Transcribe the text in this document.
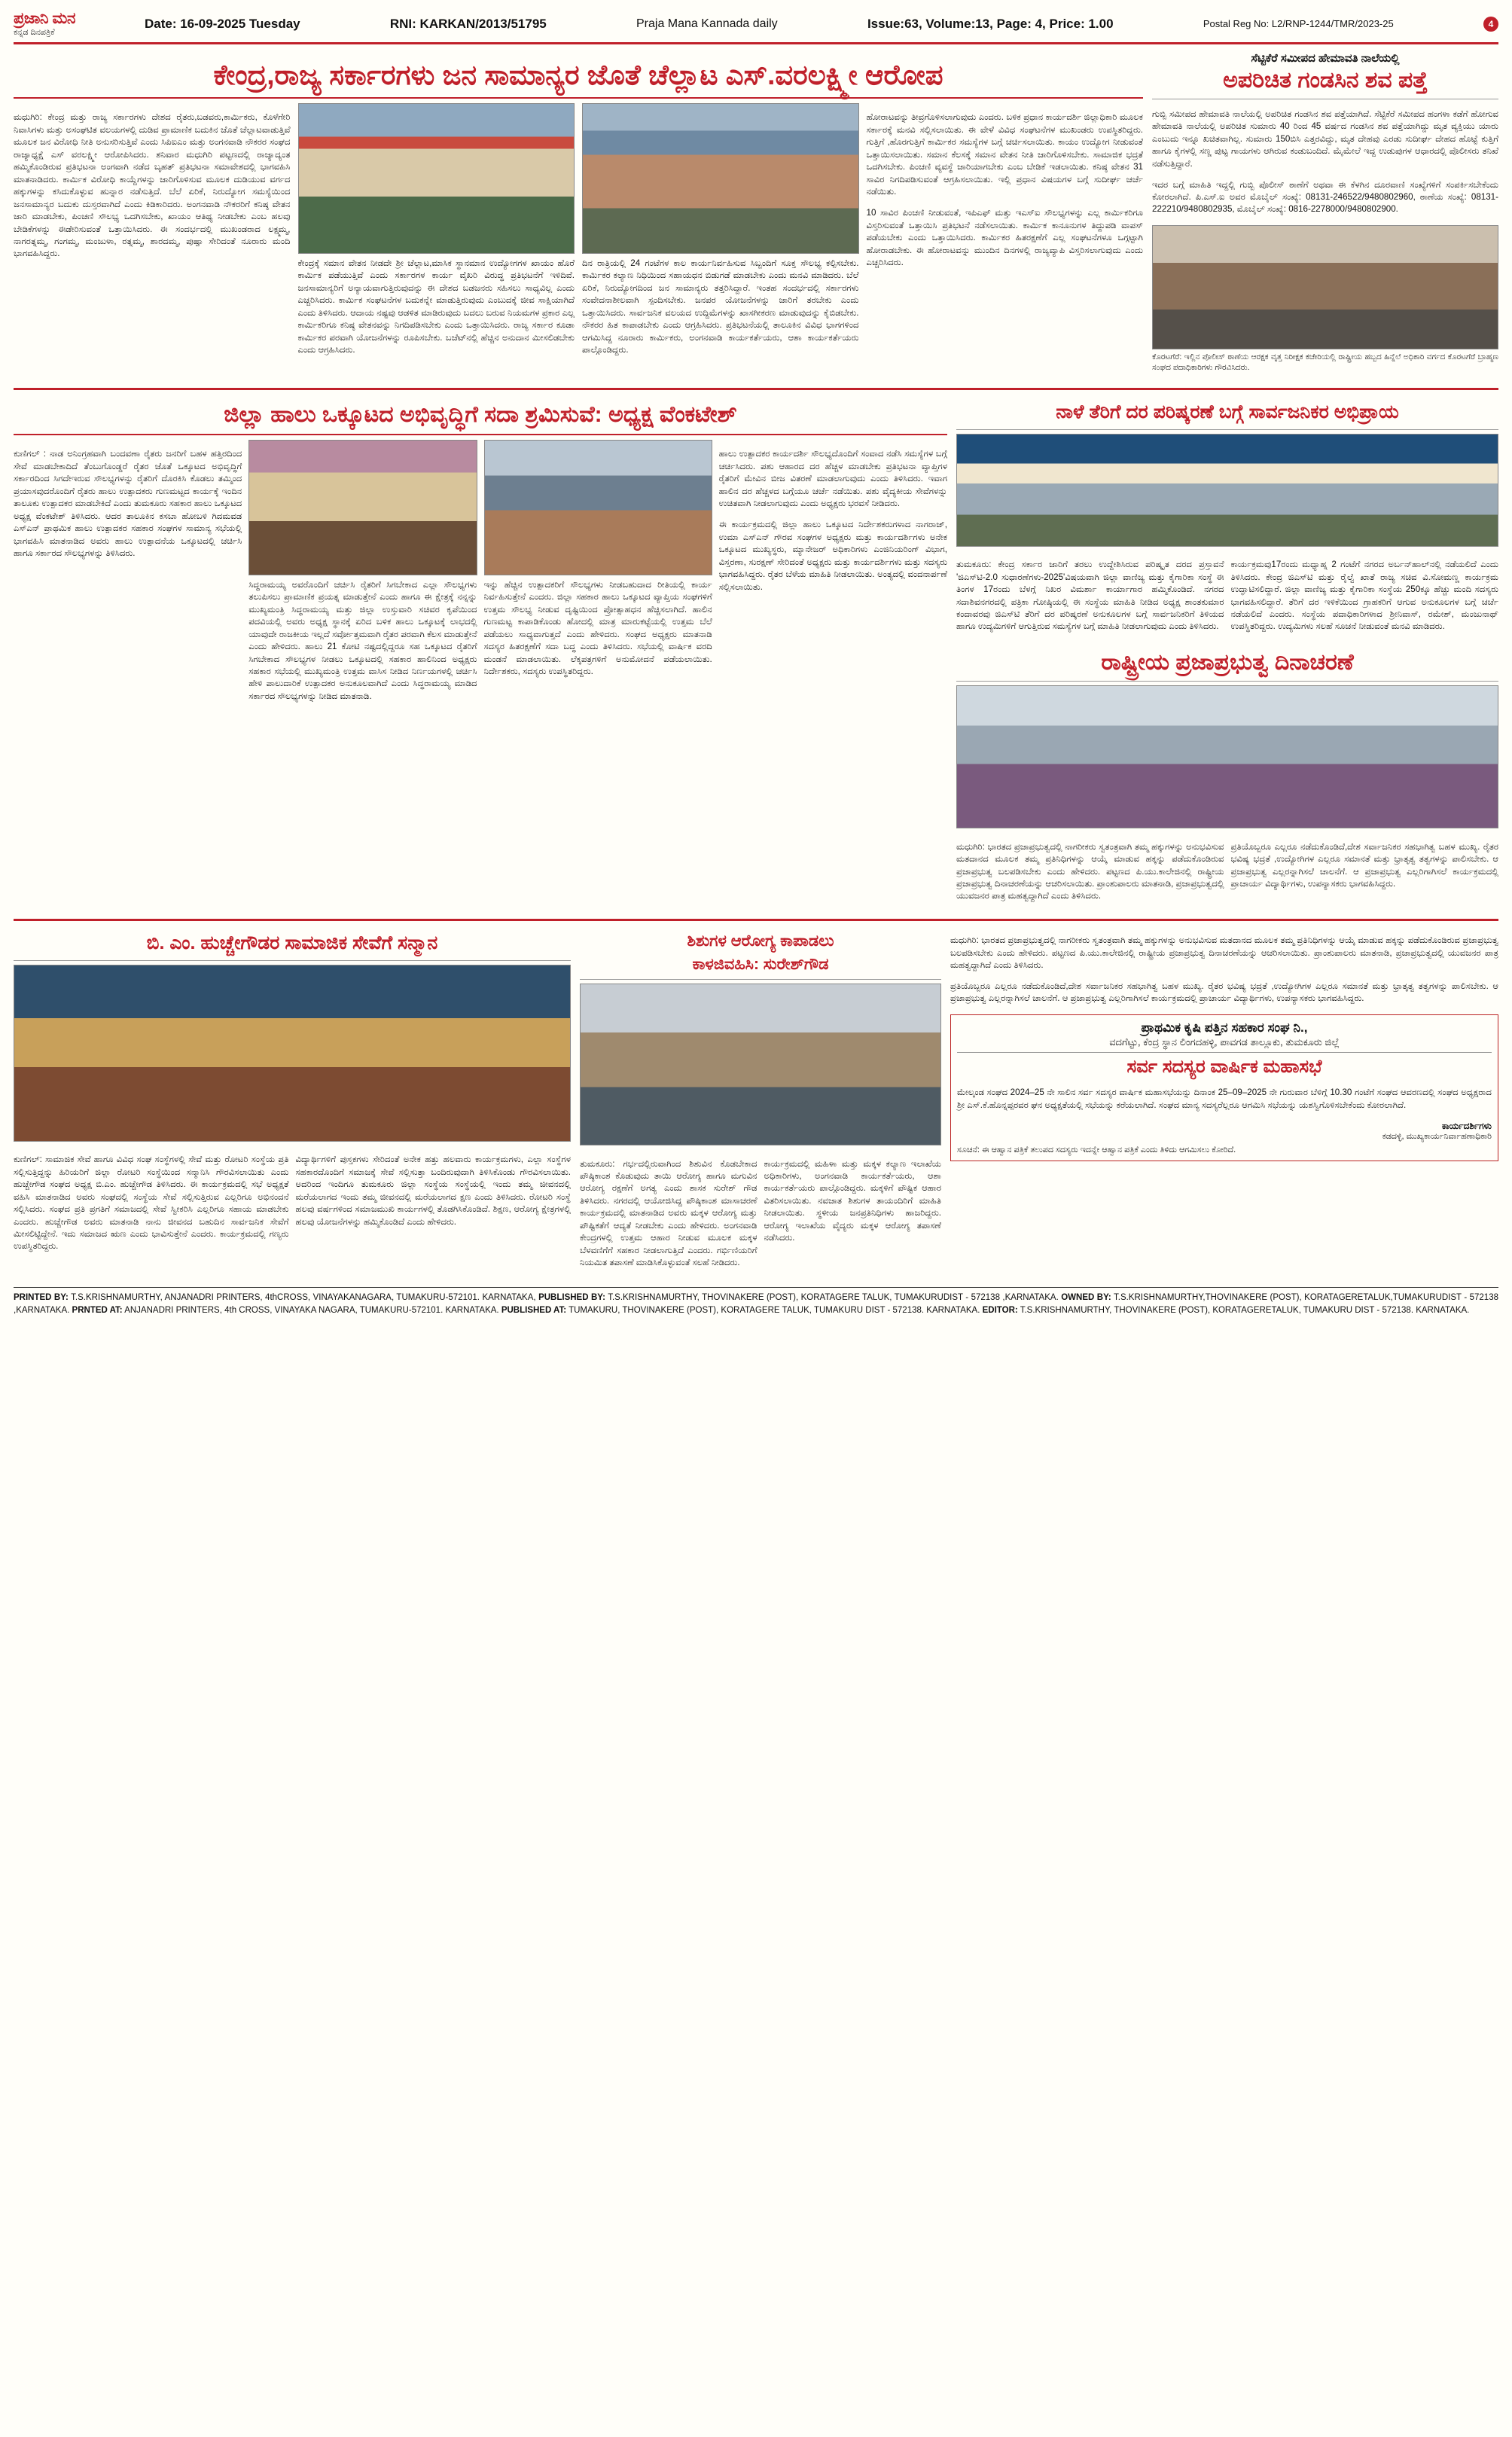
ಪ್ರಜಾನಿ ಮನ
ಕನ್ನಡ ದಿನಪತ್ರಿಕೆ
Date: 16-09-2025 Tuesday	RNI: KARKAN/2013/51795	Praja Mana Kannada daily	Issue:63, Volume:13, Page: 4, Price: 1.00	Postal Reg No: L2/RNP-1244/TMR/2023-25	4
ಕೇಂದ್ರ,ರಾಜ್ಯ ಸರ್ಕಾರಗಳು ಜನ ಸಾಮಾನ್ಯರ ಜೊತೆ ಚೆಲ್ಲಾಟ ಎಸ್.ವರಲಕ್ಷ್ಮೀ ಆರೋಪ

ಮಧುಗಿರಿ: ಕೇಂದ್ರ ಮತ್ತು ರಾಜ್ಯ ಸರ್ಕಾರಗಳು ದೇಶದ ರೈತರು,ಬಡವರು,ಕಾರ್ಮಿಕರು, ಕೊಳೆಗೇರಿ ನಿವಾಸಿಗಳು ಮತ್ತು ಅಸಂಘಟಿತ ವಲಯಗಳಲ್ಲಿ ದುಡಿವ ಪ್ರಾಮಾಣಿಕ ಬದುಕಿನ ಜೊತೆ ಚೆಲ್ಲಾಟವಾಡುತ್ತಿವೆ ಮೂಲಕ ಜನ ವಿರೋಧಿ ನೀತಿ ಅನುಸರಿಸುತ್ತಿವೆ ಎಂದು ಸಿಪಿಐಎಂ ಮತ್ತು ಅಂಗನವಾಡಿ ನೌಕರರ ಸಂಘದ ರಾಜ್ಯಾಧ್ಯಕ್ಷೆ ಎಸ್ ವರಲಕ್ಷ್ಮೀ ಆರೋಪಿಸಿದರು. ಶನಿವಾರ ಮಧುಗಿರಿ ಪಟ್ಟಣದಲ್ಲಿ ರಾಜ್ಯಾದ್ಯಂತ ಹಮ್ಮಿಕೊಂಡಿರುವ ಪ್ರತಿಭಟನಾ ಅಂಗವಾಗಿ ನಡೆದ ಬೃಹತ್ ಪ್ರತಿಭಟನಾ ಸಮಾವೇಶದಲ್ಲಿ ಭಾಗವಹಿಸಿ ಮಾತನಾಡಿದರು. ಕಾರ್ಮಿಕ ವಿರೋಧಿ ಕಾಯ್ದೆಗಳನ್ನು ಜಾರಿಗೊಳಿಸುವ ಮೂಲಕ ದುಡಿಯುವ ವರ್ಗದ ಹಕ್ಕುಗಳನ್ನು ಕಸಿದುಕೊಳ್ಳುವ ಹುನ್ನಾರ ನಡೆಸುತ್ತಿದೆ. ಬೆಲೆ ಏರಿಕೆ, ನಿರುದ್ಯೋಗ ಸಮಸ್ಯೆಯಿಂದ ಜನಸಾಮಾನ್ಯರ ಬದುಕು ದುಸ್ತರವಾಗಿದೆ ಎಂದು ಕಿಡಿಕಾರಿದರು. ಅಂಗನವಾಡಿ ನೌಕರರಿಗೆ ಕನಿಷ್ಠ ವೇತನ ಜಾರಿ ಮಾಡಬೇಕು, ಪಿಂಚಣಿ ಸೌಲಭ್ಯ ಒದಗಿಸಬೇಕು, ಖಾಯಂ ಆತಿಥ್ಯ ನೀಡಬೇಕು ಎಂಬ ಹಲವು ಬೇಡಿಕೆಗಳನ್ನು ಈಡೇರಿಸುವಂತೆ ಒತ್ತಾಯಿಸಿದರು. ಈ ಸಂದರ್ಭದಲ್ಲಿ ಮುಖಂಡರಾದ ಲಕ್ಷ್ಮಮ್ಮ, ನಾಗರತ್ನಮ್ಮ, ಗಂಗಮ್ಮ, ಮಂಜುಳಾ, ರತ್ನಮ್ಮ, ಶಾರದಮ್ಮ, ಪುಷ್ಪಾ ಸೇರಿದಂತೆ ನೂರಾರು ಮಂದಿ ಭಾಗವಹಿಸಿದ್ದರು.

ಕೇಂದ್ರಕ್ಕೆ ಸಮಾನ ವೇತನ ನೀಡದೇ ಶ್ರೀ ಚೆಲ್ಲಾಟ,ಮಾಸಿಕ ಸ್ಥಾನಮಾನ ಉದ್ಯೋಗಗಳ ಖಾಯಂ ಹೊರೆ ಕಾರ್ಮಿಕ ಪಡೆಯುತ್ತಿವೆ ಎಂದು ಸರ್ಕಾರಗಳ ಕಾರ್ಯ ವೈಖರಿ ವಿರುದ್ಧ ಪ್ರತಿಭಟನೆಗೆ ಇಳಿದಿವೆ. ಜನಸಾಮಾನ್ಯರಿಗೆ ಅನ್ಯಾಯವಾಗುತ್ತಿರುವುದನ್ನು ಈ ದೇಶದ ಬಡಜನರು ಸಹಿಸಲು ಸಾಧ್ಯವಿಲ್ಲ ಎಂದು ಎಚ್ಚರಿಸಿದರು. ಕಾರ್ಮಿಕ ಸಂಘಟನೆಗಳ ಬದುಕನ್ನೇ ಮಾಡುತ್ತಿರುವುದು ಎಂಬುದಕ್ಕೆ ಜೀವ ಸಾಕ್ಷಿಯಾಗಿದೆ ಎಂದು ತಿಳಿಸಿದರು. ಆದಾಯ ನಷ್ಟವು ಆಡಳಿತ ಮಾಡಿರುವುದು ಬದಲು ಬರುವ ನಿಯಮಗಳ ಪ್ರಕಾರ ಎಲ್ಲ ಕಾರ್ಮಿಕರಿಗೂ ಕನಿಷ್ಠ ವೇತನವನ್ನು ನಿಗದಿಪಡಿಸಬೇಕು ಎಂದು ಒತ್ತಾಯಿಸಿದರು. ರಾಜ್ಯ ಸರ್ಕಾರ ಕೂಡಾ ಕಾರ್ಮಿಕರ ಪರವಾಗಿ ಯೋಜನೆಗಳನ್ನು ರೂಪಿಸಬೇಕು. ಬಜೆಟ್‌ನಲ್ಲಿ ಹೆಚ್ಚಿನ ಅನುದಾನ ಮೀಸಲಿಡಬೇಕು ಎಂದು ಆಗ್ರಹಿಸಿದರು.

ದಿನ ರಾತ್ರಿಯಲ್ಲಿ 24 ಗಂಟೆಗಳ ಕಾಲ ಕಾರ್ಯನಿರ್ವಹಿಸುವ ಸಿಬ್ಬಂದಿಗೆ ಸೂಕ್ತ ಸೌಲಭ್ಯ ಕಲ್ಪಿಸಬೇಕು. ಕಾರ್ಮಿಕರ ಕಲ್ಯಾಣ ನಿಧಿಯಿಂದ ಸಹಾಯಧನ ಬಿಡುಗಡೆ ಮಾಡಬೇಕು ಎಂದು ಮನವಿ ಮಾಡಿದರು. ಬೆಲೆ ಏರಿಕೆ, ನಿರುದ್ಯೋಗದಿಂದ ಜನ ಸಾಮಾನ್ಯರು ತತ್ತರಿಸಿದ್ದಾರೆ. ಇಂತಹ ಸಂದರ್ಭದಲ್ಲಿ ಸರ್ಕಾರಗಳು ಸಂವೇದನಾಶೀಲವಾಗಿ ಸ್ಪಂದಿಸಬೇಕು. ಜನಪರ ಯೋಜನೆಗಳನ್ನು ಜಾರಿಗೆ ತರಬೇಕು ಎಂದು ಒತ್ತಾಯಿಸಿದರು. ಸಾರ್ವಜನಿಕ ವಲಯದ ಉದ್ದಿಮೆಗಳನ್ನು ಖಾಸಗೀಕರಣ ಮಾಡುವುದನ್ನು ಕೈಬಿಡಬೇಕು. ನೌಕರರ ಹಿತ ಕಾಪಾಡಬೇಕು ಎಂದು ಆಗ್ರಹಿಸಿದರು. ಪ್ರತಿಭಟನೆಯಲ್ಲಿ ತಾಲೂಕಿನ ವಿವಿಧ ಭಾಗಗಳಿಂದ ಆಗಮಿಸಿದ್ದ ನೂರಾರು ಕಾರ್ಮಿಕರು, ಅಂಗನವಾಡಿ ಕಾರ್ಯಕರ್ತೆಯರು, ಆಶಾ ಕಾರ್ಯಕರ್ತೆಯರು ಪಾಲ್ಗೊಂಡಿದ್ದರು.

ಹೋರಾಟವನ್ನು ತೀವ್ರಗೊಳಿಸಲಾಗುವುದು ಎಂದರು. ಬಳಿಕ ಪ್ರಧಾನ ಕಾರ್ಯದರ್ಶಿ ಜಿಲ್ಲಾಧಿಕಾರಿ ಮೂಲಕ ಸರ್ಕಾರಕ್ಕೆ ಮನವಿ ಸಲ್ಲಿಸಲಾಯಿತು. ಈ ವೇಳೆ ವಿವಿಧ ಸಂಘಟನೆಗಳ ಮುಖಂಡರು ಉಪಸ್ಥಿತರಿದ್ದರು. ಗುತ್ತಿಗೆ ,ಹೊರಗುತ್ತಿಗೆ ಕಾರ್ಮಿಕರ ಸಮಸ್ಯೆಗಳ ಬಗ್ಗೆ ಚರ್ಚಿಸಲಾಯಿತು. ಕಾಯಂ ಉದ್ಯೋಗ ನೀಡುವಂತೆ ಒತ್ತಾಯಿಸಲಾಯಿತು. ಸಮಾನ ಕೆಲಸಕ್ಕೆ ಸಮಾನ ವೇತನ ನೀತಿ ಜಾರಿಗೊಳಿಸಬೇಕು. ಸಾಮಾಜಿಕ ಭದ್ರತೆ ಒದಗಿಸಬೇಕು. ಪಿಂಚಣಿ ವ್ಯವಸ್ಥೆ ಜಾರಿಯಾಗಬೇಕು ಎಂಬ ಬೇಡಿಕೆ ಇಡಲಾಯಿತು. ಕನಿಷ್ಠ ವೇತನ 31 ಸಾವಿರ ನಿಗದಿಪಡಿಸುವಂತೆ ಆಗ್ರಹಿಸಲಾಯಿತು. ಇಲ್ಲಿ ಪ್ರಧಾನ ವಿಷಯಗಳ ಬಗ್ಗೆ ಸುದೀರ್ಘ ಚರ್ಚೆ ನಡೆಯಿತು.

10 ಸಾವಿರ ಪಿಂಚಣಿ ನೀಡುವಂತೆ, ಇಪಿಎಫ್ ಮತ್ತು ಇಎಸ್ಐ ಸೌಲಭ್ಯಗಳನ್ನು ಎಲ್ಲ ಕಾರ್ಮಿಕರಿಗೂ ವಿಸ್ತರಿಸುವಂತೆ ಒತ್ತಾಯಿಸಿ ಪ್ರತಿಭಟನೆ ನಡೆಸಲಾಯಿತು. ಕಾರ್ಮಿಕ ಕಾನೂನುಗಳ ತಿದ್ದುಪಡಿ ವಾಪಸ್ ಪಡೆಯಬೇಕು ಎಂದು ಒತ್ತಾಯಿಸಿದರು. ಕಾರ್ಮಿಕರ ಹಿತರಕ್ಷಣೆಗೆ ಎಲ್ಲ ಸಂಘಟನೆಗಳೂ ಒಗ್ಗಟ್ಟಾಗಿ ಹೋರಾಡಬೇಕು. ಈ ಹೋರಾಟವನ್ನು ಮುಂದಿನ ದಿನಗಳಲ್ಲಿ ರಾಜ್ಯವ್ಯಾಪಿ ವಿಸ್ತರಿಸಲಾಗುವುದು ಎಂದು ಎಚ್ಚರಿಸಿದರು.

ಸೆಟ್ಟಿಕೆರೆ ಸಮೀಪದ ಹೇಮಾವತಿ ನಾಲೆಯಲ್ಲಿ
ಅಪರಿಚಿತ ಗಂಡಸಿನ ಶವ ಪತ್ತೆ

ಗುಬ್ಬಿ ಸಮೀಪದ ಹೇಮಾವತಿ ನಾಲೆಯಲ್ಲಿ ಅಪರಿಚಿತ ಗಂಡಸಿನ ಶವ ಪತ್ತೆಯಾಗಿದೆ. ಸೆಟ್ಟಿಕೆರೆ ಸಮೀಪದ ಹಂಗಳಾ ಕಡೆಗೆ ಹೋಗುವ ಹೇಮಾವತಿ ನಾಲೆಯಲ್ಲಿ ಅಪರಿಚಿತ ಸುಮಾರು 40 ರಿಂದ 45 ವರ್ಷದ ಗಂಡಸಿನ ಶವ ಪತ್ತೆಯಾಗಿದ್ದು ಮೃತ ವ್ಯಕ್ತಿಯು ಯಾರು ಎಂಬುದು ಇನ್ನೂ ಖಚಿತವಾಗಿಲ್ಲ. ಸುಮಾರು 150ಬಿಸಿ ಎತ್ತರವಿದ್ದು, ಮೃತ ದೇಹವು ಎರಡು ಸುದೀರ್ಘ ದೇಹದ ಹೊಟ್ಟೆ ಕುತ್ತಿಗೆ ಹಾಗೂ ಕೈಗಳಲ್ಲಿ ಸಣ್ಣ ಪುಟ್ಟ ಗಾಯಗಳು ಆಗಿರುವ ಕಂಡುಬಂದಿದೆ. ಮೈಮೇಲೆ ಇದ್ದ ಉಡುಪುಗಳ ಆಧಾರದಲ್ಲಿ ಪೊಲೀಸರು ತನಿಖೆ ನಡೆಸುತ್ತಿದ್ದಾರೆ.

ಇದರ ಬಗ್ಗೆ ಮಾಹಿತಿ ಇದ್ದಲ್ಲಿ ಗುಬ್ಬಿ ಪೊಲೀಸ್ ಠಾಣೆಗೆ ಅಥವಾ ಈ ಕೆಳಗಿನ ದೂರವಾಣಿ ಸಂಖ್ಯೆಗಳಿಗೆ ಸಂಪರ್ಕಿಸಬೇಕೆಂದು ಕೋರಲಾಗಿದೆ. ಪಿ.ಎಸ್.ಐ ಅವರ ಮೊಬೈಲ್ ಸಂಖ್ಯೆ: 08131-246522/9480802960, ಠಾಣೆಯ ಸಂಖ್ಯೆ: 08131-222210/9480802935, ಮೊಬೈಲ್ ಸಂಖ್ಯೆ: 0816-2278000/9480802900.

ಕೊರಟಗೆರೆ: ಇಲ್ಲಿನ ಪೊಲೀಸ್ ಠಾಣೆಯ ಆರಕ್ಷಕ ವೃತ್ತ ನಿರೀಕ್ಷಕ ಕಚೇರಿಯಲ್ಲಿ ರಾಷ್ಟ್ರೀಯ ಹಬ್ಬದ ಹಿನ್ನೆಲೆ ಅಧಿಕಾರಿ ವರ್ಗದ ಕೊರಟಗೆರೆ ಬ್ರಾಹ್ಮಣ ಸಂಘದ ಪದಾಧಿಕಾರಿಗಳು ಗೌರವಿಸಿದರು.

ಜಿಲ್ಲಾ ಹಾಲು ಒಕ್ಕೂಟದ ಅಭಿವೃದ್ಧಿಗೆ ಸದಾ ಶ್ರಮಿಸುವೆ: ಅಧ್ಯಕ್ಷ ವೆಂಕಟೇಶ್

ಕುಣಿಗಲ್ : ನಾಡ ಅನಿಂಗ್ರಹವಾಗಿ ಬಂದವಣಾ ರೈತರು ಜನರಿಗೆ ಬಹಳ ಹತ್ತಿರದಿಂದ ಸೇವೆ ಮಾಡಬೇಕಾದಿದೆ ತೆಂಬುಗೊಂಡ್ಡರೆ ರೈತರ ಜೊತೆ ಒಕ್ಕೂಟದ ಅಭಿವೃದ್ಧಿಗೆ ಸರ್ಕಾರದಿಂದ ಸಿಗದೇಇರುವ ಸೌಲಭ್ಯಗಳನ್ನು ರೈತರಿಗೆ ದೊರಕಿಸಿ ಕೊಡಲು ತಮ್ಮಿಂದ ಪ್ರಯಾಸವುದರೊಂದಿಗೆ ರೈತರು ಹಾಲು ಉತ್ಪಾದಕರು ಗುಣಮಟ್ಟದ ಕಾರ್ಯಕ್ಕೆ ಇಂದಿನ ತಾಲೂಕು ಉತ್ಪಾದಕರ ಮಾಡಬೇಕಿದೆ ಎಂದು ತುಮಕೂರು ಸಹಕಾರ ಹಾಲು ಒಕ್ಕೂಟದ ಅಧ್ಯಕ್ಷ ವೆಂಕಟೇಶ್ ತಿಳಿಸಿದರು. ಆದರ ತಾಲೂಕಿನ ಕಸಬಾ ಹೋಬಳಿ ಗಿದಮವಡ ಎಸ್‌ಎನ್ ಪ್ರಾಥಮಿಕ ಹಾಲು ಉತ್ಪಾದಕರ ಸಹಕಾರ ಸಂಘಗಳ ಸಾಮಾನ್ಯ ಸಭೆಯಲ್ಲಿ ಭಾಗವಹಿಸಿ ಮಾತನಾಡಿದ ಅವರು ಹಾಲು ಉತ್ಪಾದನೆಯ ಒಕ್ಕೂಟದಲ್ಲಿ ಚರ್ಚಿಸಿ ಹಾಗೂ ಸರ್ಕಾರದ ಸೌಲಭ್ಯಗಳನ್ನು ತಿಳಿಸಿದರು.

ಸಿದ್ಧರಾಮಯ್ಯ ಅವರೊಂದಿಗೆ ಚರ್ಚಿಸಿ ರೈತರಿಗೆ ಸಿಗಬೇಕಾದ ಎಲ್ಲಾ ಸೌಲಭ್ಯಗಳು ತಲುಪಿಸಲು ಪ್ರಾಮಾಣಿಕ ಪ್ರಯತ್ನ ಮಾಡುತ್ತೇನೆ ಎಂದು ಹಾಗೂ ಈ ಕ್ಷೇತ್ರಕ್ಕೆ ನನ್ನನ್ನು ಮುಖ್ಯಮಂತ್ರಿ ಸಿದ್ಧರಾಮಯ್ಯ ಮತ್ತು ಜಿಲ್ಲಾ ಉಸ್ತುವಾರಿ ಸಚಿವರ ಕೃಪೆಯಿಂದ ಪದವಿಯಲ್ಲಿ ಅವರು ಅಧ್ಯಕ್ಷ ಸ್ಥಾನಕ್ಕೆ ಏರಿದ ಬಳಿಕ ಹಾಲು ಒಕ್ಕೂಟಕ್ಕೆ ಲಾಭದಲ್ಲಿ ಯಾವುದೇ ರಾಜಕೀಯ ಇಲ್ಲದೆ ಸರ್ವೋತ್ತಮವಾಗಿ ರೈತರ ಪರವಾಗಿ ಕೆಲಸ ಮಾಡುತ್ತೇನೆ ಎಂದು ಹೇಳಿದರು. ಹಾಲು 21 ಕೋಟಿ ನಷ್ಟದಲ್ಲಿದ್ದರೂ ಸಹ ಒಕ್ಕೂಟದ ರೈತರಿಗೆ ಸಿಗಬೇಕಾದ ಸೌಲಭ್ಯಗಳ ನೀಡಲು ಒಕ್ಕೂಟದಲ್ಲಿ ಸಹಕಾರ ಹಾಲಿನಿಂದ ಅಧ್ಯಕ್ಷರು ಸಹಕಾರ ಸಭೆಯಲ್ಲಿ ಮುಖ್ಯಮಂತ್ರಿ ಉತ್ತಮ ವಾಸಿಸ ನೀಡಿದ ನಿರ್ಣಯಗಳಲ್ಲಿ ಚರ್ಚಿಸಿ ಹೇಳಿ ಪಾಲುದಾರಿಕೆ ಉತ್ಪಾದಕರ ಅನುಕೂಲವಾಗಿದೆ ಎಂದು ಸಿದ್ಧರಾಮಯ್ಯ ಮಾಡಿದ ಸರ್ಕಾರದ ಸೌಲಭ್ಯಗಳನ್ನು ನೀಡಿದ ಮಾತನಾಡಿ.

ಇನ್ನು ಹೆಚ್ಚಿನ ಉತ್ಪಾದಕರಿಗೆ ಸೌಲಭ್ಯಗಳು ನೀಡಬಹುದಾದ ರೀತಿಯಲ್ಲಿ ಕಾರ್ಯ ನಿರ್ವಹಿಸುತ್ತೇನೆ ಎಂದರು. ಜಿಲ್ಲಾ ಸಹಕಾರ ಹಾಲು ಒಕ್ಕೂಟದ ವ್ಯಾಪ್ತಿಯ ಸಂಘಗಳಿಗೆ ಉತ್ತಮ ಸೌಲಭ್ಯ ನೀಡುವ ದೃಷ್ಟಿಯಿಂದ ಪ್ರೋತ್ಸಾಹಧನ ಹೆಚ್ಚಿಸಲಾಗಿದೆ. ಹಾಲಿನ ಗುಣಮಟ್ಟ ಕಾಪಾಡಿಕೊಂಡು ಹೋದಲ್ಲಿ ಮಾತ್ರ ಮಾರುಕಟ್ಟೆಯಲ್ಲಿ ಉತ್ತಮ ಬೆಲೆ ಪಡೆಯಲು ಸಾಧ್ಯವಾಗುತ್ತದೆ ಎಂದು ಹೇಳಿದರು. ಸಂಘದ ಅಧ್ಯಕ್ಷರು ಮಾತನಾಡಿ ಸದಸ್ಯರ ಹಿತರಕ್ಷಣೆಗೆ ಸದಾ ಬದ್ಧ ಎಂದು ತಿಳಿಸಿದರು. ಸಭೆಯಲ್ಲಿ ವಾರ್ಷಿಕ ವರದಿ ಮಂಡನೆ ಮಾಡಲಾಯಿತು. ಲೆಕ್ಕಪತ್ರಗಳಿಗೆ ಅನುಮೋದನೆ ಪಡೆಯಲಾಯಿತು. ನಿರ್ದೇಶಕರು, ಸದಸ್ಯರು ಉಪಸ್ಥಿತರಿದ್ದರು.

ಹಾಲು ಉತ್ಪಾದಕರ ಕಾರ್ಯದರ್ಶಿ ಸೌಲಭ್ಯದೊಂದಿಗೆ ಸಂವಾದ ನಡೆಸಿ ಸಮಸ್ಯೆಗಳ ಬಗ್ಗೆ ಚರ್ಚಿಸಿದರು. ಪಶು ಆಹಾರದ ದರ ಹೆಚ್ಚಳ ಮಾಡಬೇಕು ಪ್ರತಿಭಟನಾ ವ್ಯಾಪ್ತಿಗಳ ರೈತರಿಗೆ ಮೇವಿನ ಬೀಜ ವಿತರಣೆ ಮಾಡಲಾಗುವುದು ಎಂದು ತಿಳಿಸಿದರು. ಇವಾಗ ಹಾಲಿನ ದರ ಹೆಚ್ಚಳದ ಬಗ್ಗೆಯೂ ಚರ್ಚೆ ನಡೆಯಿತು. ಪಶು ವೈದ್ಯಕೀಯ ಸೇವೆಗಳನ್ನು ಉಚಿತವಾಗಿ ನೀಡಲಾಗುವುದು ಎಂದು ಅಧ್ಯಕ್ಷರು ಭರವಸೆ ನೀಡಿದರು.

ಈ ಕಾರ್ಯಕ್ರಮದಲ್ಲಿ ಜಿಲ್ಲಾ ಹಾಲು ಒಕ್ಕೂಟದ ನಿರ್ದೇಶಕರುಗಳಾದ ನಾಗರಾಜ್, ಉಮಾ ಎಸ್‌ಎನ್ ಗೌರವ ಸಂಘಗಳ ಅಧ್ಯಕ್ಷರು ಮತ್ತು ಕಾರ್ಯದರ್ಶಿಗಳು ಅನೇಕ ಒಕ್ಕೂಟದ ಮುಖ್ಯಸ್ಥರು, ಮ್ಯಾನೇಜರ್ ಅಧಿಕಾರಿಗಳು ಎಂಜಿನಿಯರಿಂಗ್ ವಿಭಾಗ, ವಿಸ್ತರಣಾ, ಸುರಕ್ಷಣ್ ಸೇರಿದಂತೆ ಅಧ್ಯಕ್ಷರು ಮತ್ತು ಕಾರ್ಯದರ್ಶಿಗಳು ಮತ್ತು ಸದಸ್ಯರು ಭಾಗವಹಿಸಿದ್ದರು. ರೈತರ ಬೆಳೆಯ ಮಾಹಿತಿ ನೀಡಲಾಯಿತು. ಅಂತ್ಯದಲ್ಲಿ ವಂದನಾರ್ಪಣೆ ಸಲ್ಲಿಸಲಾಯಿತು.

ನಾಳೆ ತೆರಿಗೆ ದರ ಪರಿಷ್ಕರಣೆ ಬಗ್ಗೆ ಸಾರ್ವಜನಿಕರ ಅಭಿಪ್ರಾಯ

ತುಮಕೂರು: ಕೇಂದ್ರ ಸರ್ಕಾರ ಜಾರಿಗೆ ತರಲು ಉದ್ದೇಶಿಸಿರುವ ಪರಿಷ್ಕೃತ ದರದ ಪ್ರಸ್ತಾವನೆ 'ಜಿಎಸ್‌ಟಿ-2.0 ಸುಧಾರಣೆಗಳು-2025'ವಿಷಯವಾಗಿ ಜಿಲ್ಲಾ ವಾಣಿಜ್ಯ ಮತ್ತು ಕೈಗಾರಿಕಾ ಸಂಸ್ಥೆ ಈ ತಿಂಗಳ 17ರಂದು ಬೆಳಗ್ಗೆ ನಿಖರ ವಿಮರ್ಶಾ ಕಾರ್ಯಾಗಾರ ಹಮ್ಮಿಕೊಂಡಿದೆ. ನಗರದ ಸದಾಶಿವನಗರದಲ್ಲಿ ಪತ್ರಿಕಾ ಗೋಷ್ಠಿಯಲ್ಲಿ ಈ ಸಂಸ್ಥೆಯ ಮಾಹಿತಿ ನೀಡಿದ ಅಧ್ಯಕ್ಷ ಶಾಂತಕುಮಾರ ಕಂದಾವರವು ಜಿಎಸ್‌ಟಿ ತೆರಿಗೆ ದರ ಪರಿಷ್ಕರಣೆ ಅನುಕೂಲಗಳ ಬಗ್ಗೆ ಸಾರ್ವಜನಿಕರಿಗೆ ತಿಳಿಯದ ಹಾಗೂ ಉದ್ಯಮಿಗಳಿಗೆ ಆಗುತ್ತಿರುವ ಸಮಸ್ಯೆಗಳ ಬಗ್ಗೆ ಮಾಹಿತಿ ನೀಡಲಾಗುವುದು ಎಂದು ತಿಳಿಸಿದರು.

ಕಾರ್ಯಕ್ರಮವು17ರಂದು ಮಧ್ಯಾಹ್ನ 2 ಗಂಟೆಗೆ ನಗರದ ಅರ್ಬನ್‌ಹಾಲ್‌ನಲ್ಲಿ ನಡೆಯಲಿದೆ ಎಂದು ತಿಳಿಸಿದರು. ಕೇಂದ್ರ ಜಿಎಸ್‌ಟಿ ಮತ್ತು ರೈಲ್ವೆ ಖಾತೆ ರಾಜ್ಯ ಸಚಿವ ವಿ.ಸೋಮಣ್ಣ ಕಾರ್ಯಕ್ರಮ ಉದ್ಘಾಟಿಸಲಿದ್ದಾರೆ. ಜಿಲ್ಲಾ ವಾಣಿಜ್ಯ ಮತ್ತು ಕೈಗಾರಿಕಾ ಸಂಸ್ಥೆಯ 250ಕ್ಕೂ ಹೆಚ್ಚು ಮಂದಿ ಸದಸ್ಯರು ಭಾಗವಹಿಸಲಿದ್ದಾರೆ. ತೆರಿಗೆ ದರ ಇಳಿಕೆಯಿಂದ ಗ್ರಾಹಕರಿಗೆ ಆಗುವ ಅನುಕೂಲಗಳ ಬಗ್ಗೆ ಚರ್ಚೆ ನಡೆಯಲಿದೆ ಎಂದರು. ಸಂಸ್ಥೆಯ ಪದಾಧಿಕಾರಿಗಳಾದ ಶ್ರೀನಿವಾಸ್, ರಮೇಶ್, ಮಂಜುನಾಥ್ ಉಪಸ್ಥಿತರಿದ್ದರು. ಉದ್ಯಮಿಗಳು ಸಲಹೆ ಸೂಚನೆ ನೀಡುವಂತೆ ಮನವಿ ಮಾಡಿದರು.

ರಾಷ್ಟ್ರೀಯ ಪ್ರಜಾಪ್ರಭುತ್ವ ದಿನಾಚರಣೆ

ಮಧುಗಿರಿ: ಭಾರತದ ಪ್ರಜಾಪ್ರಭುತ್ವದಲ್ಲಿ ನಾಗರೀಕರು ಸ್ವತಂತ್ರವಾಗಿ ತಮ್ಮ ಹಕ್ಕುಗಳನ್ನು ಅನುಭವಿಸುವ ಮತದಾನದ ಮೂಲಕ ತಮ್ಮ ಪ್ರತಿನಿಧಿಗಳನ್ನು ಆಯ್ಕೆ ಮಾಡುವ ಹಕ್ಕನ್ನು ಪಡೆದುಕೊಂಡಿರುವ ಪ್ರಜಾಪ್ರಭುತ್ವ ಬಲಪಡಿಸಬೇಕು ಎಂದು ಹೇಳಿದರು. ಪಟ್ಟಣದ ಪಿ.ಯು.ಕಾಲೇಜಿನಲ್ಲಿ ರಾಷ್ಟ್ರೀಯ ಪ್ರಜಾಪ್ರಭುತ್ವ ದಿನಾಚರಣೆಯನ್ನು ಆಚರಿಸಲಾಯಿತು. ಪ್ರಾಂಶುಪಾಲರು ಮಾತನಾಡಿ, ಪ್ರಜಾಪ್ರಭುತ್ವದಲ್ಲಿ ಯುವಜನರ ಪಾತ್ರ ಮಹತ್ವದ್ದಾಗಿದೆ ಎಂದು ತಿಳಿಸಿದರು.

ಪ್ರತಿಯೊಬ್ಬರೂ ಎಲ್ಲರೂ ನಡೆದುಕೊಂಡಿದೆ,ದೇಶ ಸರ್ವಾಜನಿಕರ ಸಹಭಾಗಿತ್ವ ಬಹಳ ಮುಖ್ಯ. ರೈತರ ಭವಿಷ್ಯ ಭದ್ರತೆ ,ಉದ್ಯೋಗಿಗಳ ಎಲ್ಲರೂ ಸಮಾನತೆ ಮತ್ತು ಭ್ರಾತೃತ್ವ ತತ್ವಗಳನ್ನು ಪಾಲಿಸಬೇಕು. ಆ ಪ್ರಜಾಪ್ರಭುತ್ವ ಎಲ್ಲರನ್ನಾಗಿಸಲೆ ಚಾಲನೆಗೆ. ಆ ಪ್ರಜಾಪ್ರಭುತ್ವ ಎಲ್ಲರಿಗಾಗಿಸಲೆ ಕಾರ್ಯಕ್ರಮದಲ್ಲಿ ಪ್ರಾಚಾರ್ಯ ವಿದ್ಯಾರ್ಥಿಗಳು, ಉಪನ್ಯಾಸಕರು ಭಾಗವಹಿಸಿದ್ದರು.

ಬಿ. ಎಂ. ಹುಚ್ಚೇಗೌಡರ ಸಾಮಾಜಿಕ ಸೇವೆಗೆ ಸನ್ಮಾನ

ಕುಣಿಗಲ್: ಸಾಮಾಜಿಕ ಸೇವೆ ಹಾಗೂ ವಿವಿಧ ಸಂಘ ಸಂಸ್ಥೆಗಳಲ್ಲಿ ಸೇವೆ ಮತ್ತು ರೋಟರಿ ಸಂಸ್ಥೆಯ ಪ್ರತಿ ಸಲ್ಲಿಸುತ್ತಿದ್ದನ್ನು ಹಿರಿಯರಿಗೆ ಜಿಲ್ಲಾ ರೋಟರಿ ಸಂಸ್ಥೆಯಿಂದ ಸನ್ಮಾನಿಸಿ ಗೌರವಿಸಲಾಯಿತು ಎಂದು ಹುಚ್ಚೇಗೌಡ ಸಂಘದ ಅಧ್ಯಕ್ಷ ಬಿ.ಎಂ. ಹುಚ್ಚೇಗೌಡ ತಿಳಿಸಿದರು. ಈ ಕಾರ್ಯಕ್ರಮದಲ್ಲಿ ಸಭೆ ಅಧ್ಯಕ್ಷತೆ ವಹಿಸಿ ಮಾತನಾಡಿದ ಅವರು ಸಂಘದಲ್ಲಿ ಸಂಸ್ಥೆಯ ಸೇವೆ ಸಲ್ಲಿಸುತ್ತಿರುವ ಎಲ್ಲರಿಗೂ ಅಭಿನಂದನೆ ಸಲ್ಲಿಸಿದರು. ಸಂಘದ ಪ್ರತಿ ಪ್ರಗತಿಗೆ ಸಮಾಜದಲ್ಲಿ ಸೇವೆ ಸ್ವೀಕರಿಸಿ ಎಲ್ಲರಿಗೂ ಸಹಾಯ ಮಾಡಬೇಕು ಎಂದರು. ಹುಚ್ಚೇಗೌಡ ಅವರು ಮಾತನಾಡಿ ನಾನು ಜೀವನದ ಬಹುದಿನ ಸಾರ್ವಜನಿಕ ಸೇವೆಗೆ ಮೀಸಲಿಟ್ಟಿದ್ದೇನೆ. ಇದು ಸಮಾಜದ ಋಣ ಎಂದು ಭಾವಿಸುತ್ತೇನೆ ಎಂದರು. ಕಾರ್ಯಕ್ರಮದಲ್ಲಿ ಗಣ್ಯರು ಉಪಸ್ಥಿತರಿದ್ದರು.

ವಿದ್ಯಾರ್ಥಿಗಳಿಗೆ ಪುಸ್ತಕಗಳು ಸೇರಿದಂತೆ ಅನೇಕ ಹತ್ತು ಹಲವಾರು ಕಾರ್ಯಕ್ರಮಗಳು, ಎಲ್ಲಾ ಸಂಸ್ಥೆಗಳ ಸಹಕಾರದೊಂದಿಗೆ ಸಮಾಜಕ್ಕೆ ಸೇವೆ ಸಲ್ಲಿಸುತ್ತಾ ಬಂದಿರುವುದಾಗಿ ತಿಳಿಸಿಕೊಂಡು ಗೌರವಿಸಲಾಯಿತು. ಅದರಿಂದ ಇಂದಿಗೂ ತುಮಕೂರು ಜಿಲ್ಲಾ ಸಂಸ್ಥೆಯ ಸಂಸ್ಥೆಯಲ್ಲಿ ಇಂದು ತಮ್ಮ ಜೀವನದಲ್ಲಿ ಮರೆಯಲಾಗದ ಇಂದು ತಮ್ಮ ಜೀವನದಲ್ಲಿ ಮರೆಯಲಾಗದ ಕ್ಷಣ ಎಂದು ತಿಳಿಸಿದರು. ರೋಟರಿ ಸಂಸ್ಥೆ ಹಲವು ವರ್ಷಗಳಿಂದ ಸಮಾಜಮುಖಿ ಕಾರ್ಯಗಳಲ್ಲಿ ತೊಡಗಿಸಿಕೊಂಡಿದೆ. ಶಿಕ್ಷಣ, ಆರೋಗ್ಯ ಕ್ಷೇತ್ರಗಳಲ್ಲಿ ಹಲವು ಯೋಜನೆಗಳನ್ನು ಹಮ್ಮಿಕೊಂಡಿದೆ ಎಂದು ಹೇಳಿದರು.

ಶಿಶುಗಳ ಆರೋಗ್ಯ ಕಾಪಾಡಲು
ಕಾಳಜಿವಹಿಸಿ: ಸುರೇಶ್‌ಗೌಡ

ತುಮಕೂರು: ಗರ್ಭದಲ್ಲಿರುವಾಗಿಂದ ಶಿಶುವಿನ ಕೊಡಬೇಕಾದ ಪೌಷ್ಠಿಕಾಂಶ ಕೊಡುವುದು ತಾಯಿ ಆರೋಗ್ಯ ಹಾಗೂ ಮಗುವಿನ ಆರೋಗ್ಯ ರಕ್ಷಣೆಗೆ ಅಗತ್ಯ ಎಂದು ಶಾಸಕ ಸುರೇಶ್ ಗೌಡ ತಿಳಿಸಿದರು. ನಗರದಲ್ಲಿ ಆಯೋಜಿಸಿದ್ದ ಪೌಷ್ಠಿಕಾಂಶ ಮಾಸಾಚರಣೆ ಕಾರ್ಯಕ್ರಮದಲ್ಲಿ ಮಾತನಾಡಿದ ಅವರು ಮಕ್ಕಳ ಆರೋಗ್ಯ ಮತ್ತು ಪೌಷ್ಟಿಕತೆಗೆ ಆದ್ಯತೆ ನೀಡಬೇಕು ಎಂದು ಹೇಳಿದರು. ಅಂಗನವಾಡಿ ಕೇಂದ್ರಗಳಲ್ಲಿ ಉತ್ತಮ ಆಹಾರ ನೀಡುವ ಮೂಲಕ ಮಕ್ಕಳ ಬೆಳವಣಿಗೆಗೆ ಸಹಕಾರ ನೀಡಲಾಗುತ್ತಿದೆ ಎಂದರು. ಗರ್ಭಿಣಿಯರಿಗೆ ನಿಯಮಿತ ತಪಾಸಣೆ ಮಾಡಿಸಿಕೊಳ್ಳುವಂತೆ ಸಲಹೆ ನೀಡಿದರು.

ಕಾರ್ಯಕ್ರಮದಲ್ಲಿ ಮಹಿಳಾ ಮತ್ತು ಮಕ್ಕಳ ಕಲ್ಯಾಣ ಇಲಾಖೆಯ ಅಧಿಕಾರಿಗಳು, ಅಂಗನವಾಡಿ ಕಾರ್ಯಕರ್ತೆಯರು, ಆಶಾ ಕಾರ್ಯಕರ್ತೆಯರು ಪಾಲ್ಗೊಂಡಿದ್ದರು. ಮಕ್ಕಳಿಗೆ ಪೌಷ್ಟಿಕ ಆಹಾರ ವಿತರಿಸಲಾಯಿತು. ನವಜಾತ ಶಿಶುಗಳ ತಾಯಂದಿರಿಗೆ ಮಾಹಿತಿ ನೀಡಲಾಯಿತು. ಸ್ಥಳೀಯ ಜನಪ್ರತಿನಿಧಿಗಳು ಹಾಜರಿದ್ದರು. ಆರೋಗ್ಯ ಇಲಾಖೆಯ ವೈದ್ಯರು ಮಕ್ಕಳ ಆರೋಗ್ಯ ತಪಾಸಣೆ ನಡೆಸಿದರು.

ಮಧುಗಿರಿ: ಭಾರತದ ಪ್ರಜಾಪ್ರಭುತ್ವದಲ್ಲಿ ನಾಗರೀಕರು ಸ್ವತಂತ್ರವಾಗಿ ತಮ್ಮ ಹಕ್ಕುಗಳನ್ನು ಅನುಭವಿಸುವ ಮತದಾನದ ಮೂಲಕ ತಮ್ಮ ಪ್ರತಿನಿಧಿಗಳನ್ನು ಆಯ್ಕೆ ಮಾಡುವ ಹಕ್ಕನ್ನು ಪಡೆದುಕೊಂಡಿರುವ ಪ್ರಜಾಪ್ರಭುತ್ವ ಬಲಪಡಿಸಬೇಕು ಎಂದು ಹೇಳಿದರು. ಪಟ್ಟಣದ ಪಿ.ಯು.ಕಾಲೇಜಿನಲ್ಲಿ ರಾಷ್ಟ್ರೀಯ ಪ್ರಜಾಪ್ರಭುತ್ವ ದಿನಾಚರಣೆಯನ್ನು ಆಚರಿಸಲಾಯಿತು. ಪ್ರಾಂಶುಪಾಲರು ಮಾತನಾಡಿ, ಪ್ರಜಾಪ್ರಭುತ್ವದಲ್ಲಿ ಯುವಜನರ ಪಾತ್ರ ಮಹತ್ವದ್ದಾಗಿದೆ ಎಂದು ತಿಳಿಸಿದರು.

ಪ್ರತಿಯೊಬ್ಬರೂ ಎಲ್ಲರೂ ನಡೆದುಕೊಂಡಿದೆ,ದೇಶ ಸರ್ವಾಜನಿಕರ ಸಹಭಾಗಿತ್ವ ಬಹಳ ಮುಖ್ಯ. ರೈತರ ಭವಿಷ್ಯ ಭದ್ರತೆ ,ಉದ್ಯೋಗಿಗಳ ಎಲ್ಲರೂ ಸಮಾನತೆ ಮತ್ತು ಭ್ರಾತೃತ್ವ ತತ್ವಗಳನ್ನು ಪಾಲಿಸಬೇಕು. ಆ ಪ್ರಜಾಪ್ರಭುತ್ವ ಎಲ್ಲರನ್ನಾಗಿಸಲೆ ಚಾಲನೆಗೆ. ಆ ಪ್ರಜಾಪ್ರಭುತ್ವ ಎಲ್ಲರಿಗಾಗಿಸಲೆ ಕಾರ್ಯಕ್ರಮದಲ್ಲಿ ಪ್ರಾಚಾರ್ಯ ವಿದ್ಯಾರ್ಥಿಗಳು, ಉಪನ್ಯಾಸಕರು ಭಾಗವಹಿಸಿದ್ದರು.

ಪ್ರಾಥಮಿಕ ಕೃಷಿ ಪತ್ತಿನ ಸಹಕಾರ ಸಂಘ ನಿ.,
ವದಗೆಟ್ಟು, ಕೆಂದ್ರ ಸ್ಥಾನ ಲಿಂಗದಹಳ್ಳಿ, ಪಾವಗಡ ತಾಲ್ಲೂಕು, ತುಮಕೂರು ಜಿಲ್ಲೆ
ಸರ್ವ ಸದಸ್ಯರ ವಾರ್ಷಿಕ ಮಹಾಸಭೆ

ಮೇಲ್ಕಂಡ ಸಂಘದ 2024–25 ನೇ ಸಾಲಿನ ಸರ್ವ ಸದಸ್ಯರ ವಾರ್ಷಿಕ ಮಹಾಸಭೆಯನ್ನು ದಿನಾಂಕ 25–09–2025 ನೇ ಗುರುವಾರ ಬೆಳಿಗ್ಗೆ 10.30 ಗಂಟೆಗೆ ಸಂಘದ ಆವರಣದಲ್ಲಿ ಸಂಘದ ಅಧ್ಯಕ್ಷರಾದ ಶ್ರೀ ಎಸ್.ಕೆ.ಹೊನ್ನಪ್ಪರವರ ಘನ ಅಧ್ಯಕ್ಷತೆಯಲ್ಲಿ ಸಭೆಯನ್ನು ಕರೆಯಲಾಗಿದೆ. ಸಂಘದ ಮಾನ್ಯ ಸದಸ್ಯರೆಲ್ಲರೂ ಆಗಮಿಸಿ ಸಭೆಯನ್ನು ಯಶಸ್ವಿಗೊಳಿಸಬೇಕೆಂದು ಕೋರಲಾಗಿದೆ.

ಕಾರ್ಯದರ್ಶಿಗಳು
ಕಡದಳ್ಳಿ, ಮುಖ್ಯಕಾರ್ಯನಿರ್ವಾಹಣಾಧಿಕಾರಿ

ಸೂಚನೆ: ಈ ಆಹ್ವಾನ ಪತ್ರಿಕೆ ತಲುಪದ ಸದಸ್ಯರು ಇದನ್ನೇ ಆಹ್ವಾನ ಪತ್ರಿಕೆ ಎಂದು ತಿಳಿದು ಆಗಮಿಸಲು ಕೋರಿದೆ.

PRINTED BY: T.S.KRISHNAMURTHY, ANJANADRI PRINTERS, 4thCROSS, VINAYAKANAGARA, TUMAKURU-572101. KARNATAKA, PUBLISHED BY: T.S.KRISHNAMURTHY, THOVINAKERE (POST), KORATAGERE TALUK, TUMAKURUDIST - 572138 ,KARNATAKA. OWNED BY: T.S.KRISHNAMURTHY,THOVINAKERE (POST), KORATAGERETALUK,TUMAKURUDIST - 572138 ,KARNATAKA. PRNTED AT: ANJANADRI PRINTERS, 4th CROSS, VINAYAKA NAGARA, TUMAKURU-572101. KARNATAKA. PUBLISHED AT: TUMAKURU, THOVINAKERE (POST), KORATAGERE TALUK, TUMAKURU DIST - 572138. KARNATAKA. EDITOR: T.S.KRISHNAMURTHY, THOVINAKERE (POST), KORATAGERETALUK, TUMAKURU DIST - 572138. KARNATAKA.
